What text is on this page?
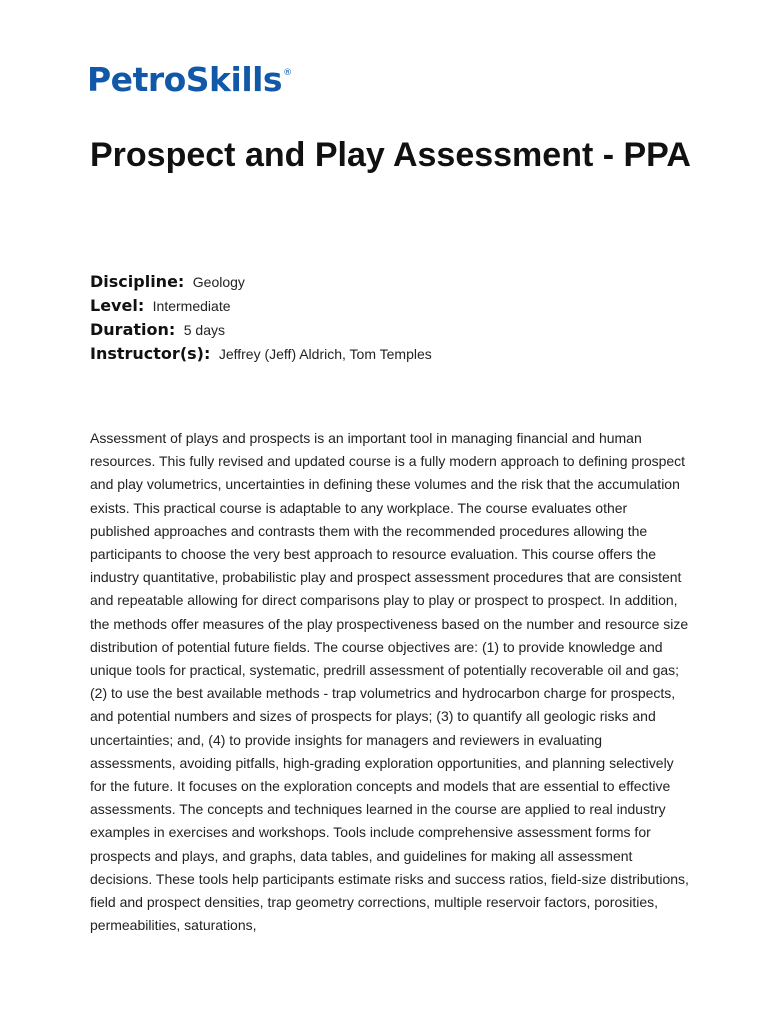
PetroSkills ®
Prospect and Play Assessment - PPA
Discipline: Geology
Level: Intermediate
Duration: 5 days
Instructor(s): Jeffrey (Jeff) Aldrich, Tom Temples

Assessment of plays and prospects is an important tool in managing financial and human resources. This fully revised and updated course is a fully modern approach to defining prospect and play volumetrics, uncertainties in defining these volumes and the risk that the accumulation exists. This practical course is adaptable to any workplace. The course evaluates other published approaches and contrasts them with the recommended procedures allowing the participants to choose the very best approach to resource evaluation. This course offers the industry quantitative, probabilistic play and prospect assessment procedures that are consistent and repeatable allowing for direct comparisons play to play or prospect to prospect. In addition, the methods offer measures of the play prospectiveness based on the number and resource size distribution of potential future fields. The course objectives are: (1) to provide knowledge and unique tools for practical, systematic, predrill assessment of potentially recoverable oil and gas; (2) to use the best available methods - trap volumetrics and hydrocarbon charge for prospects, and potential numbers and sizes of prospects for plays; (3) to quantify all geologic risks and uncertainties; and, (4) to provide insights for managers and reviewers in evaluating assessments, avoiding pitfalls, high-grading exploration opportunities, and planning selectively for the future. It focuses on the exploration concepts and models that are essential to effective assessments. The concepts and techniques learned in the course are applied to real industry examples in exercises and workshops. Tools include comprehensive assessment forms for prospects and plays, and graphs, data tables, and guidelines for making all assessment decisions. These tools help participants estimate risks and success ratios, field-size distributions, field and prospect densities, trap geometry corrections, multiple reservoir factors, porosities, permeabilities, saturations,
